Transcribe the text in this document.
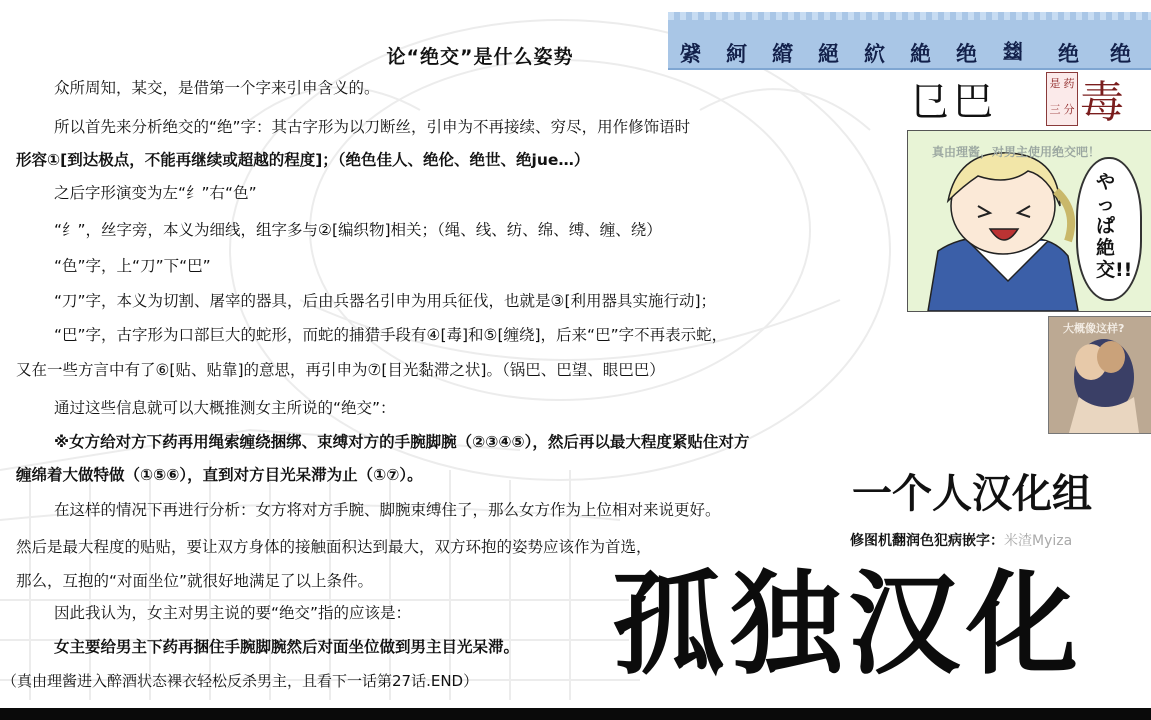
论“绝交”是什么姿势
众所周知，某交，是借第一个字来引申含义的。
所以首先来分析绝交的“绝”字：其古字形为以刀断丝，引申为不再接续、穷尽，用作修饰语时
形容①[到达极点，不能再继续或超越的程度]；（绝色佳人、绝伦、绝世、绝jue…）
之后字形演变为左“纟”右“色”
“纟”，丝字旁，本义为细线，组字多与②[编织物]相关；（绳、线、纺、绵、缚、缠、绕）
“色”字，上“刀”下“巴”
“刀”字，本义为切割、屠宰的器具，后由兵器名引申为用兵征伐，也就是③[利用器具实施行动]；
“巴”字，古字形为口部巨大的蛇形，而蛇的捕猎手段有④[毒]和⑤[缠绕]，后来“巴”字不再表示蛇，
又在一些方言中有了⑥[贴、贴靠]的意思，再引申为⑦[目光黏滞之状]。（锅巴、巴望、眼巴巴）
通过这些信息就可以大概推测女主所说的“绝交”：
※女方给对方下药再用绳索缠绕捆绑、束缚对方的手腕脚腕（②③④⑤），然后再以最大程度紧贴住对方
缠绵着大做特做（①⑤⑥），直到对方目光呆滞为止（①⑦）。
在这样的情况下再进行分析：女方将对方手腕、脚腕束缚住了，那么女方作为上位相对来说更好。
然后是最大程度的贴贴，要让双方身体的接触面积达到最大，双方环抱的姿势应该作为首选，
那么，互抱的“对面坐位”就很好地满足了以上条件。
因此我认为，女主对男主说的要“绝交”指的应该是：
女主要给男主下药再捆住手腕脚腕然后对面坐位做到男主目光呆滞。
䋯 䋍 䌣 絕 䋉 絶 绝 𢇍 绝 绝
㔾 巴	是 药
三 分 毒
真由理酱，对男主使用绝交吧！
やっぱ絶交!!
大概像这样?
一个人汉化组
修图机翻润色犯病嵌字：米渣Myiza
孤独汉化
（真由理酱进入醉酒状态裸衣轻松反杀男主，且看下一话第27话.END）
